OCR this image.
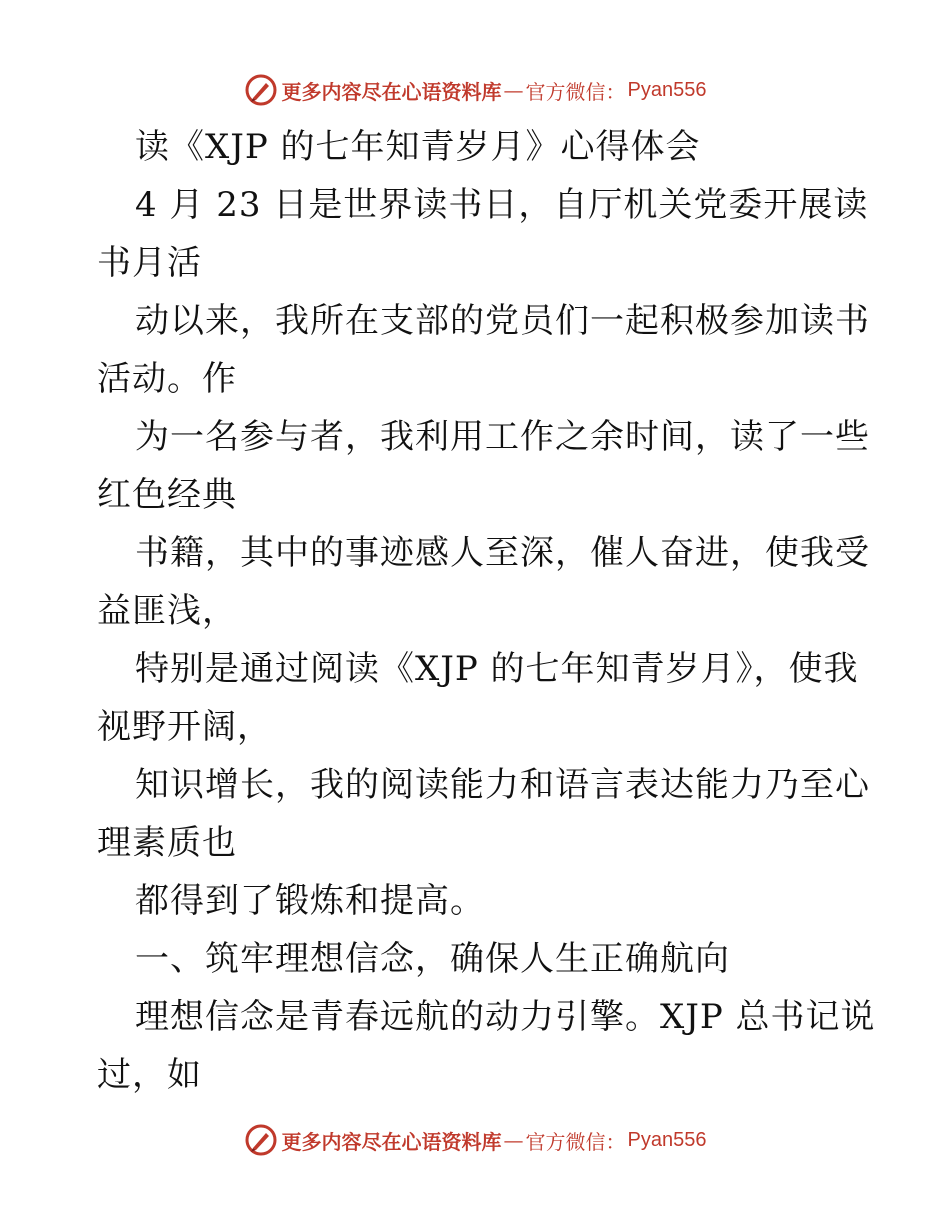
更多内容尽在心语资料库 — 官方微信： Pyan556
读《XJP 的七年知青岁月》心得体会
4 月 23 日是世界读书日，自厅机关党委开展读
书月活
动以来，我所在支部的党员们一起积极参加读书
活动。作
为一名参与者，我利用工作之余时间，读了一些
红色经典
书籍，其中的事迹感人至深，催人奋进，使我受
益匪浅，
特别是通过阅读《XJP 的七年知青岁月》，使我
视野开阔，
知识增长，我的阅读能力和语言表达能力乃至心
理素质也
都得到了锻炼和提高。
一、筑牢理想信念，确保人生正确航向
理想信念是青春远航的动力引擎。XJP 总书记说
过，如
更多内容尽在心语资料库 — 官方微信： Pyan556
